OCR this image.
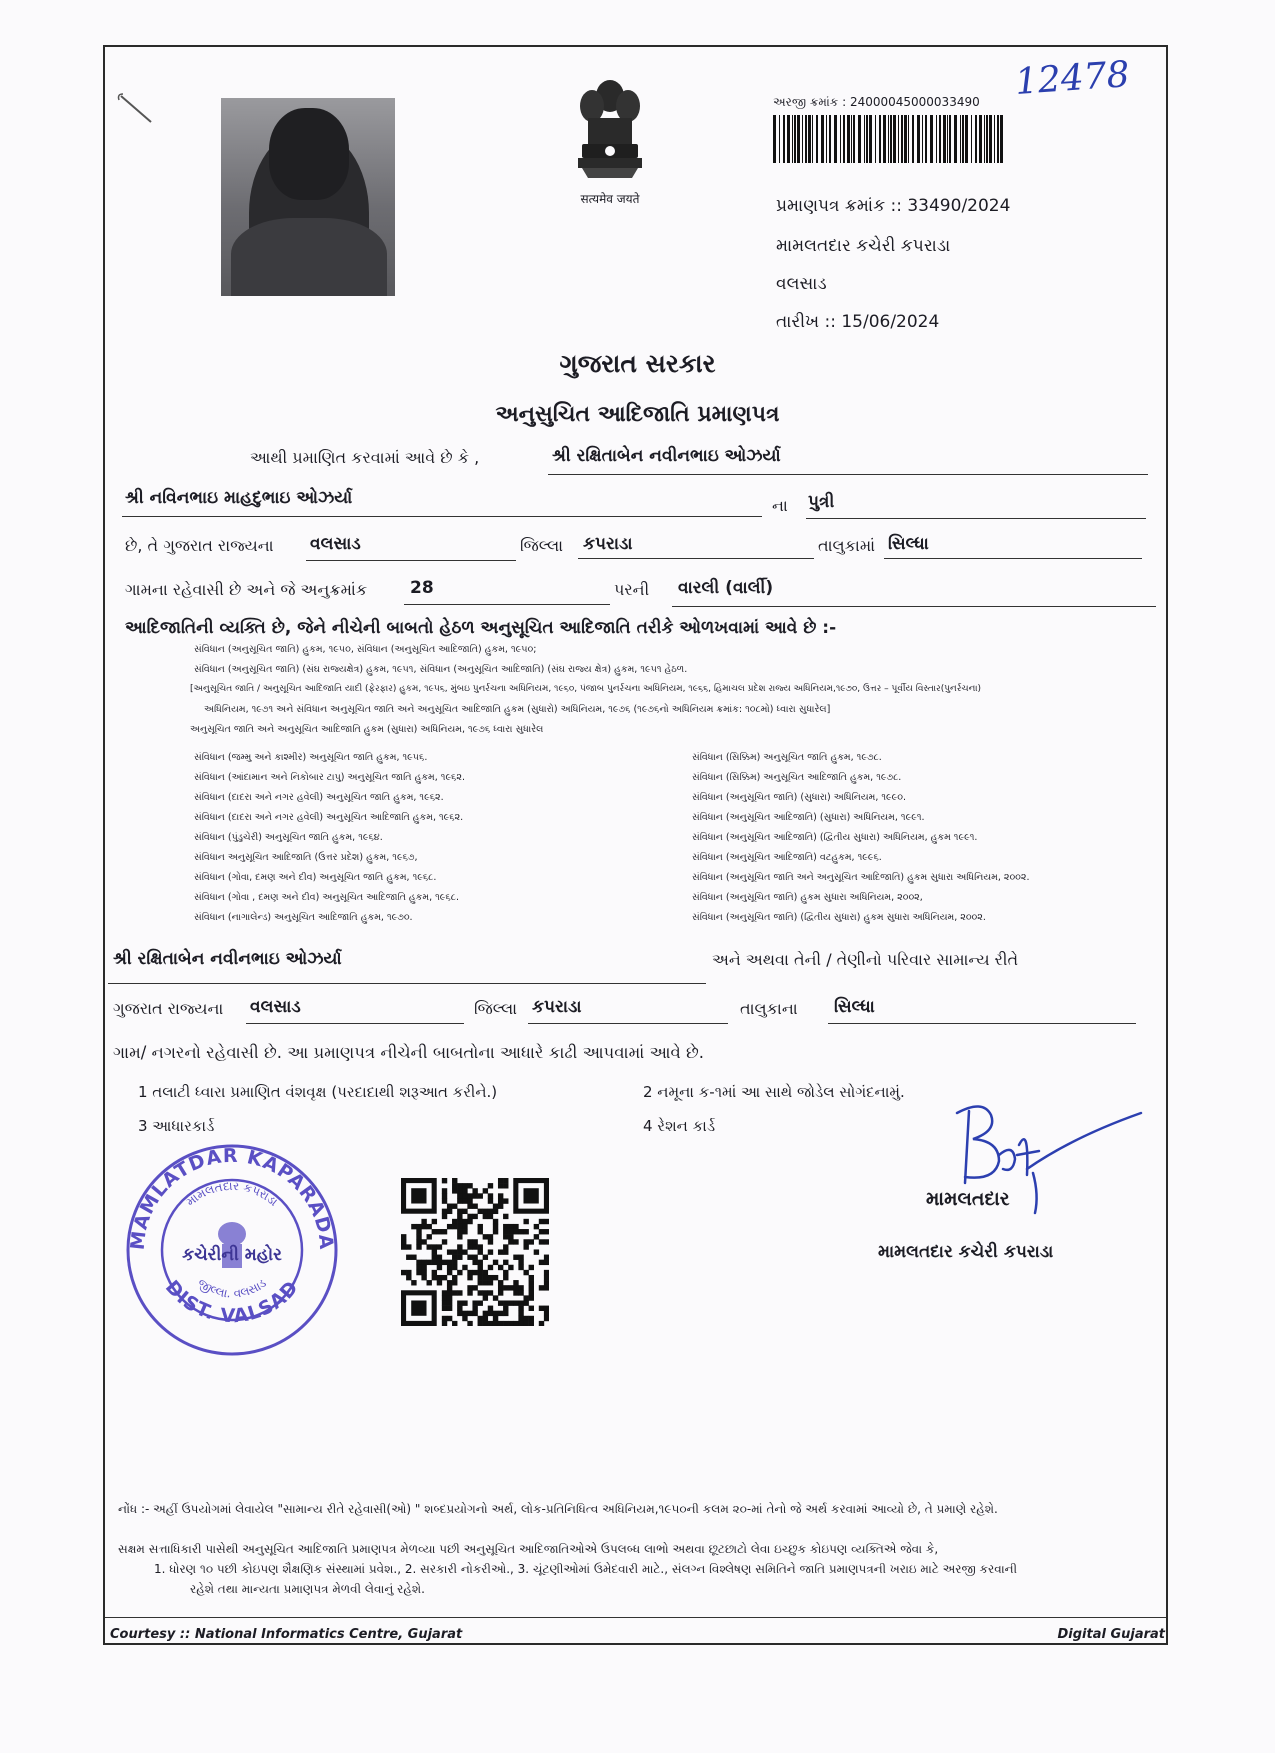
सत्यमेव जयते
12478
અરજી ક્રમાંક : 24000045000033490
પ્રમાણપત્ર ક્રમાંક :: 33490/2024
મામલતદાર કચેરી કપરાડા
વલસાડ
તારીખ :: 15/06/2024
ગુજરાત સરકાર
અનુસુચિત આદિજાતિ પ્રમાણપત્ર
આથી પ્રમાણિત કરવામાં આવે છે કે ,	શ્રી રક્ષિતાબેન નવીનભાઇ ઓઝર્યા
શ્રી નવિનભાઇ માહદુભાઇ ઓઝર્યા	ના પુત્રી
છે, તે ગુજરાત રાજ્યના વલસાડ	જિલ્લા કપરાડા	તાલુકામાં સિલ્ધા
ગામના રહેવાસી છે અને જે અનુક્રમાંક	28	પરની વારલી (વાર્લી)
આદિજાતિની વ્યક્તિ છે, જેને નીચેની બાબતો હેઠળ અનુસૂચિત આદિજાતિ તરીકે ઓળખવામાં આવે છે :-
સંવિધાન (અનુસૂચિત જાતિ) હુકમ, ૧૯૫૦, સંવિધાન (અનુસૂચિત આદિજાતિ) હુકમ, ૧૯૫૦;
સંવિધાન (અનુસૂચિત જાતિ) (સંઘ રાજ્યક્ષેત્ર) હુકમ, ૧૯૫૧, સંવિધાન (અનુસૂચિત આદિજાતિ) (સંઘ રાજ્ય ક્ષેત્ર) હુકમ, ૧૯૫૧ હેઠળ.
[અનુસૂચિત જાતિ / અનુસૂચિત આદિજાતિ યાદી (ફેરફાર) હુકમ, ૧૯૫૬, મુંબઇ પુનર્રચના અધિનિયમ, ૧૯૬૦, પંજાબ પુનર્રચના અધિનિયમ, ૧૯૬૬, હિમાચલ પ્રદેશ રાજ્ય અધિનિયમ,૧૯૭૦, ઉત્તર – પૂર્વીય વિસ્તાર(પુનર્રચના)
અધિનિયમ, ૧૯૭૧ અને સંવિધાન અનુસૂચિત જાતિ અને અનુસૂચિત આદિજાતિ હુકમ (સુધારો) અધિનિયમ, ૧૯૭૬ (૧૯૭૬નો અધિનિયમ ક્રમાંક: ૧૦૮મો) ધ્વારા સુધારેલ]
અનુસૂચિત જાતિ અને અનુસૂચિત આદિજાતિ હુકમ (સુધારા) અધિનિયમ, ૧૯૭૬ ધ્વારા સુધારેલ
સંવિધાન (જમ્મુ અને કાશ્મીર) અનુસૂચિત જાતિ હુકમ, ૧૯૫૬.
સંવિધાન (આંદામાન અને નિકોબાર ટાપુ) અનુસૂચિત જાતિ હુકમ, ૧૯૬૨.
સંવિધાન (દાદરા અને નગર હવેલી) અનુસૂચિત જાતિ હુકમ, ૧૯૬૨.
સંવિધાન (દાદરા અને નગર હવેલી) અનુસૂચિત આદિજાતિ હુકમ, ૧૯૬૨.
સંવિધાન (પુંડુચેરી) અનુસૂચિત જાતિ હુકમ, ૧૯૬૪.
સંવિધાન અનુસૂચિત આદિજાતિ (ઉત્તર પ્રદેશ) હુકમ, ૧૯૬૭,
સંવિધાન (ગોવા, દમણ અને દીવ) અનુસૂચિત જાતિ હુકમ, ૧૯૬૮.
સંવિધાન (ગોવા , દમણ અને દીવ) અનુસૂચિત આદિજાતિ હુકમ, ૧૯૬૮.
સંવિધાન (નાગાલેન્ડ) અનુસૂચિત આદિજાતિ હુકમ, ૧૯૭૦.
સંવિધાન (સિક્કિમ) અનુસૂચિત જાતિ હુકમ, ૧૯૭૮.
સંવિધાન (સિક્કિમ) અનુસૂચિત આદિજાતિ હુકમ, ૧૯૭૮.
સંવિધાન (અનુસૂચિત જાતિ) (સુધારા) અધિનિયમ, ૧૯૯૦.
સંવિધાન (અનુસૂચિત આદિજાતિ) (સુધારા) અધિનિયમ, ૧૯૯૧.
સંવિધાન (અનુસૂચિત આદિજાતિ) (દ્વિતીય સુધારા) અધિનિયમ, હુકમ ૧૯૯૧.
સંવિધાન (અનુસૂચિત આદિજાતિ) વટહુકમ, ૧૯૯૬.
સંવિધાન (અનુસૂચિત જાતિ અને અનુસૂચિત આદિજાતિ) હુકમ સુધારા અધિનિયમ, ૨૦૦૨.
સંવિધાન (અનુસૂચિત જાતિ) હુકમ સુધારા અધિનિયમ, ૨૦૦૨,
સંવિધાન (અનુસૂચિત જાતિ) (દ્વિતીય સુધારા) હુકમ સુધારા અધિનિયમ, ૨૦૦૨.
શ્રી રક્ષિતાબેન નવીનભાઇ ઓઝર્યા	અને અથવા તેની / તેણીનો પરિવાર સામાન્ય રીતે
ગુજરાત રાજ્યના વલસાડ	જિલ્લા કપરાડા	તાલુકાના સિલ્ધા
ગામ/ નગરનો રહેવાસી છે. આ પ્રમાણપત્ર નીચેની બાબતોના આધારે કાઢી આપવામાં આવે છે.
1 તલાટી ધ્વારા પ્રમાણિત વંશવૃક્ષ (પરદાદાથી શરૂઆત કરીને.)	2 નમૂના ક-૧માં આ સાથે જોડેલ સોગંદનામું.
3 આધારકાર્ડ	4 રેશન કાર્ડ
MAMLATDAR KAPARADA
DIST. VALSAD
મામલતદાર કપરાડા
જીલ્લા. વલસાડ
કચેરીની મહોર
મામલતદાર
મામલતદાર કચેરી કપરાડા
નોંધ :- અહીં ઉપયોગમાં લેવાયેલ "સામાન્ય રીતે રહેવાસી(ઓ) " શબ્દપ્રયોગનો અર્થ, લોક-પ્રતિનિધિત્વ અધિનિયમ,૧૯૫૦ની કલમ ૨૦-માં તેનો જે અર્થ કરવામાં આવ્યો છે, તે પ્રમાણે રહેશે.
સક્ષમ સત્તાધિકારી પાસેથી અનુસૂચિત આદિજાતિ પ્રમાણપત્ર મેળવ્યા પછી અનુસૂચિત આદિજાતિઓએ ઉપલબ્ધ લાભો અથવા છૂટછાટો લેવા ઇચ્છુક કોઇપણ વ્યક્તિએ જેવા કે,
1. ધોરણ ૧૦ પછી કોઇપણ શૈક્ષણિક સંસ્થામાં પ્રવેશ., 2. સરકારી નોકરીઓ., 3. ચૂંટણીઓમાં ઉમેદવારી માટે., સંલગ્ન વિશ્લેષણ સમિતિને જાતિ પ્રમાણપત્રની ખરાઇ માટે અરજી કરવાની
રહેશે તથા માન્યતા પ્રમાણપત્ર મેળવી લેવાનું રહેશે.
Courtesy :: National Informatics Centre, Gujarat	Digital Gujarat
